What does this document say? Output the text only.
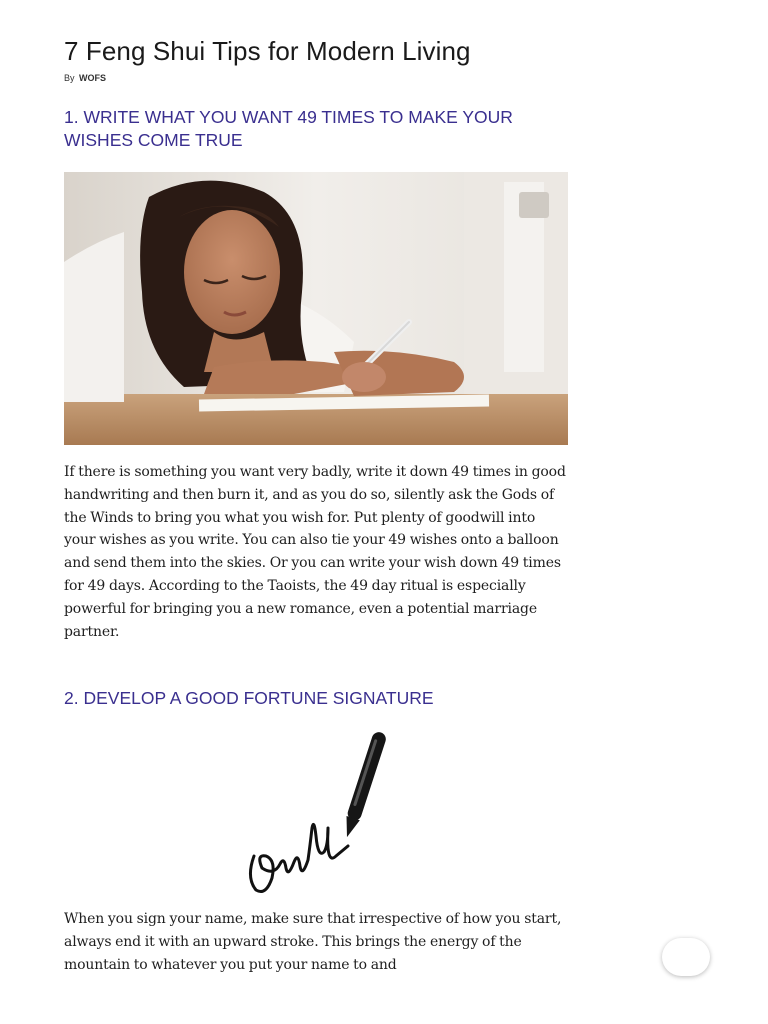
7 Feng Shui Tips for Modern Living
By WOFS
1. WRITE WHAT YOU WANT 49 TIMES TO MAKE YOUR WISHES COME TRUE

If there is something you want very badly, write it down 49 times in good handwriting and then burn it, and as you do so, silently ask the Gods of the Winds to bring you what you wish for. Put plenty of goodwill into your wishes as you write. You can also tie your 49 wishes onto a balloon and send them into the skies. Or you can write your wish down 49 times for 49 days. According to the Taoists, the 49 day ritual is especially powerful for bringing you a new romance, even a potential marriage partner.

2. DEVELOP A GOOD FORTUNE SIGNATURE

When you sign your name, make sure that irrespective of how you start, always end it with an upward stroke. This brings the energy of the mountain to whatever you put your name to and
